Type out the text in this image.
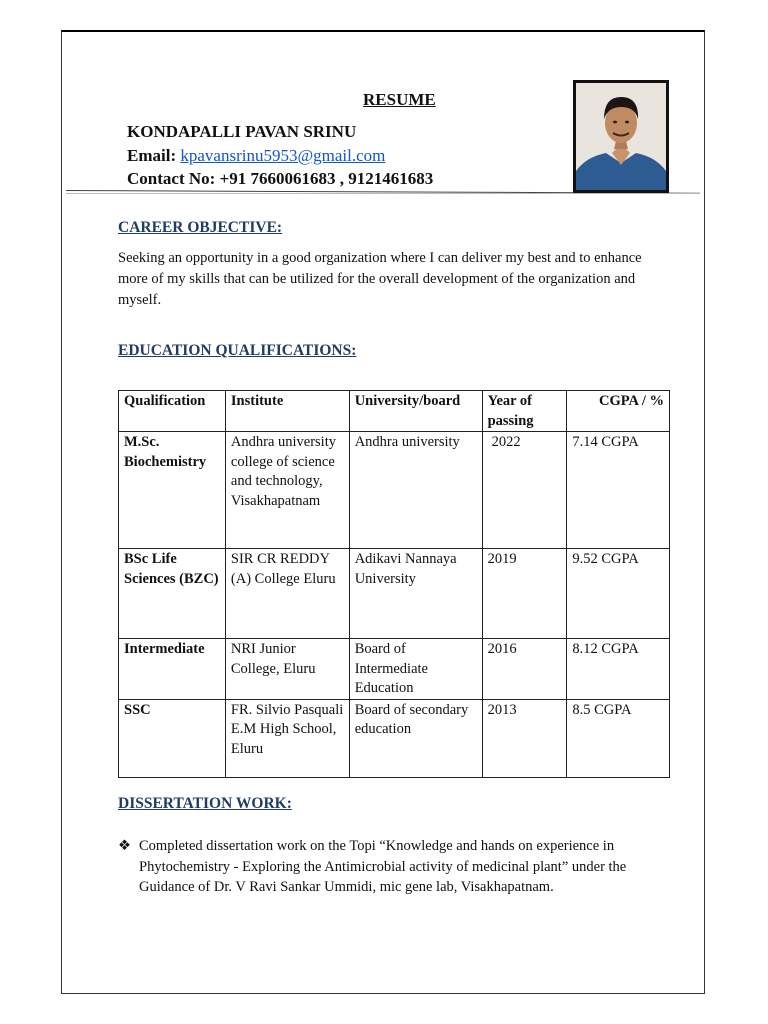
RESUME
KONDAPALLI PAVAN SRINU
Email: kpavansrinu5953@gmail.com
Contact No: +91 7660061683 , 9121461683
CAREER OBJECTIVE:
Seeking an opportunity in a good organization where I can deliver my best and to enhance more of my skills that can be utilized for the overall development of the organization and myself.
EDUCATION QUALIFICATIONS:
Qualification	Institute	University/board	Year of passing	CGPA / %
M.Sc. Biochemistry	Andhra university college of science and technology, Visakhapatnam	Andhra university	2022	7.14 CGPA
BSc Life Sciences (BZC)	SIR CR REDDY (A) College Eluru	Adikavi Nannaya University	2019	9.52 CGPA
Intermediate	NRI Junior College, Eluru	Board of Intermediate Education	2016	8.12 CGPA
SSC	FR. Silvio Pasquali E.M High School, Eluru	Board of secondary education	2013	8.5 CGPA
DISSERTATION WORK:
❖ Completed dissertation work on the Topi “Knowledge and hands on experience in Phytochemistry - Exploring the Antimicrobial activity of medicinal plant” under the Guidance of Dr. V Ravi Sankar Ummidi, mic gene lab, Visakhapatnam.
